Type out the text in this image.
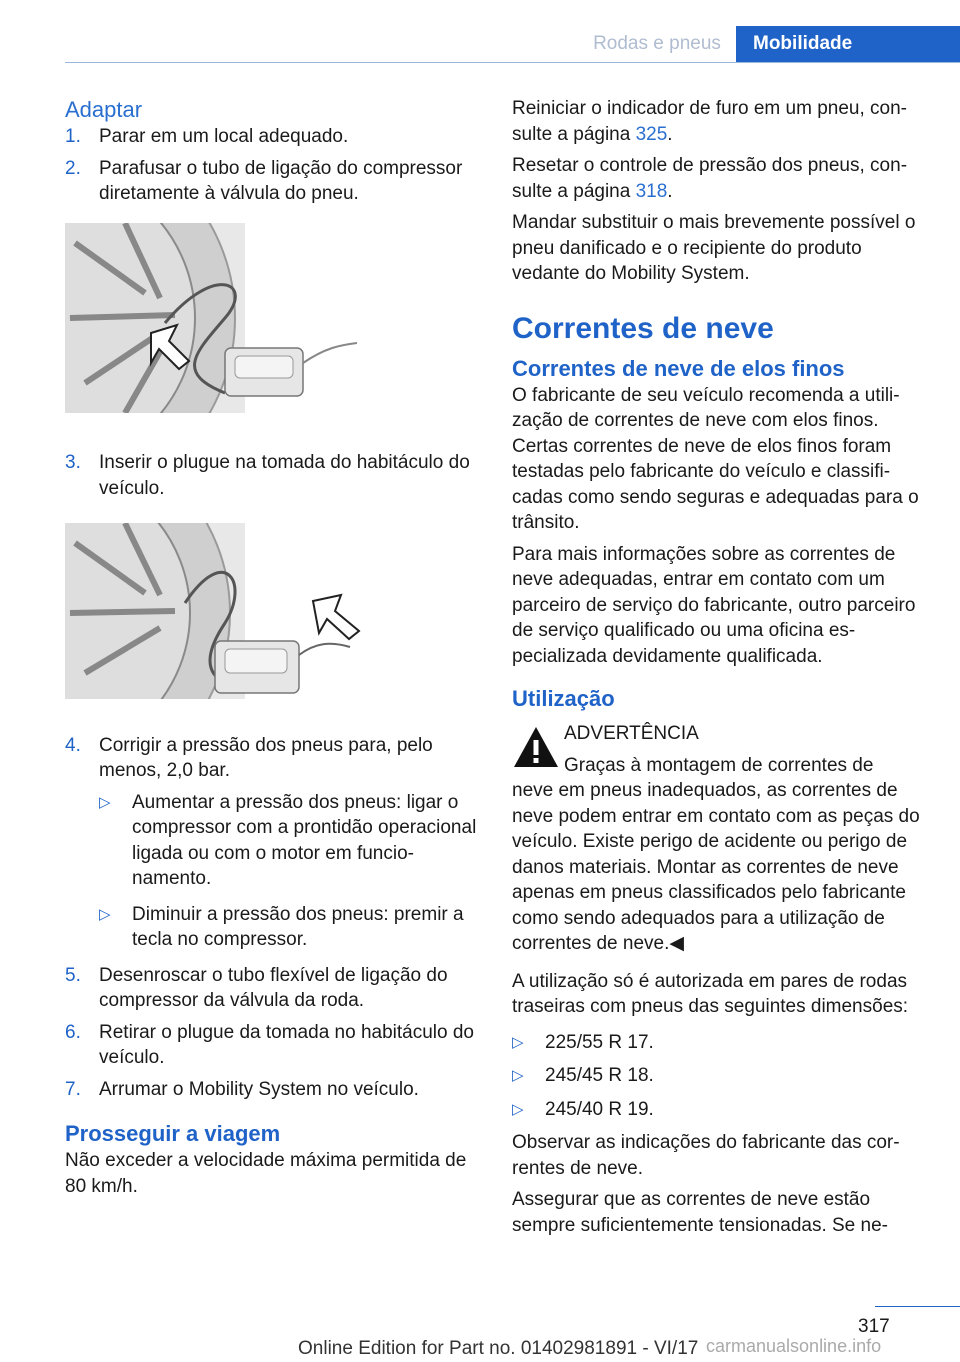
Rodas e pneus	Mobilidade
Adaptar
1. Parar em um local adequado.
2. Parafusar o tubo de ligação do compressor diretamente à válvula do pneu.
3. Inserir o plugue na tomada do habitáculo do veículo.
4. Corrigir a pressão dos pneus para, pelo menos, 2,0 bar.
▷	Aumentar a pressão dos pneus: ligar o compressor com a prontidão operacional ligada ou com o motor em funcionamento.
▷	Diminuir a pressão dos pneus: premir a tecla no compressor.
5. Desenroscar o tubo flexível de ligação do compressor da válvula da roda.
6. Retirar o plugue da tomada no habitáculo do veículo.
7. Arrumar o Mobility System no veículo.
Prosseguir a viagem

Não exceder a velocidade máxima permitida de 80 km/h.

Reiniciar o indicador de furo em um pneu, consulte a página 325.

Resetar o controle de pressão dos pneus, consulte a página 318.

Mandar substituir o mais brevemente possível o pneu danificado e o recipiente do produto vedante do Mobility System.

Correntes de neve
Correntes de neve de elos finos

O fabricante de seu veículo recomenda a utilização de correntes de neve com elos finos. Certas correntes de neve de elos finos foram testadas pelo fabricante do veículo e classificadas como sendo seguras e adequadas para o trânsito.

Para mais informações sobre as correntes de neve adequadas, entrar em contato com um parceiro de serviço do fabricante, outro parceiro de serviço qualificado ou uma oficina especializada devidamente qualificada.

Utilização
ADVERTÊNCIA
Graças à montagem de correntes de

neve em pneus inadequados, as correntes de neve podem entrar em contato com as peças do veículo. Existe perigo de acidente ou perigo de danos materiais. Montar as correntes de neve apenas em pneus classificados pelo fabricante como sendo adequados para a utilização de correntes de neve.◀

A utilização só é autorizada em pares de rodas traseiras com pneus das seguintes dimensões:

▷	225/55 R 17.
▷	245/45 R 18.
▷	245/40 R 19.

Observar as indicações do fabricante das correntes de neve.

Assegurar que as correntes de neve estão sempre suficientemente tensionadas. Se ne-

317
Online Edition for Part no. 01402981891 - VI/17 carmanualsonline.info
